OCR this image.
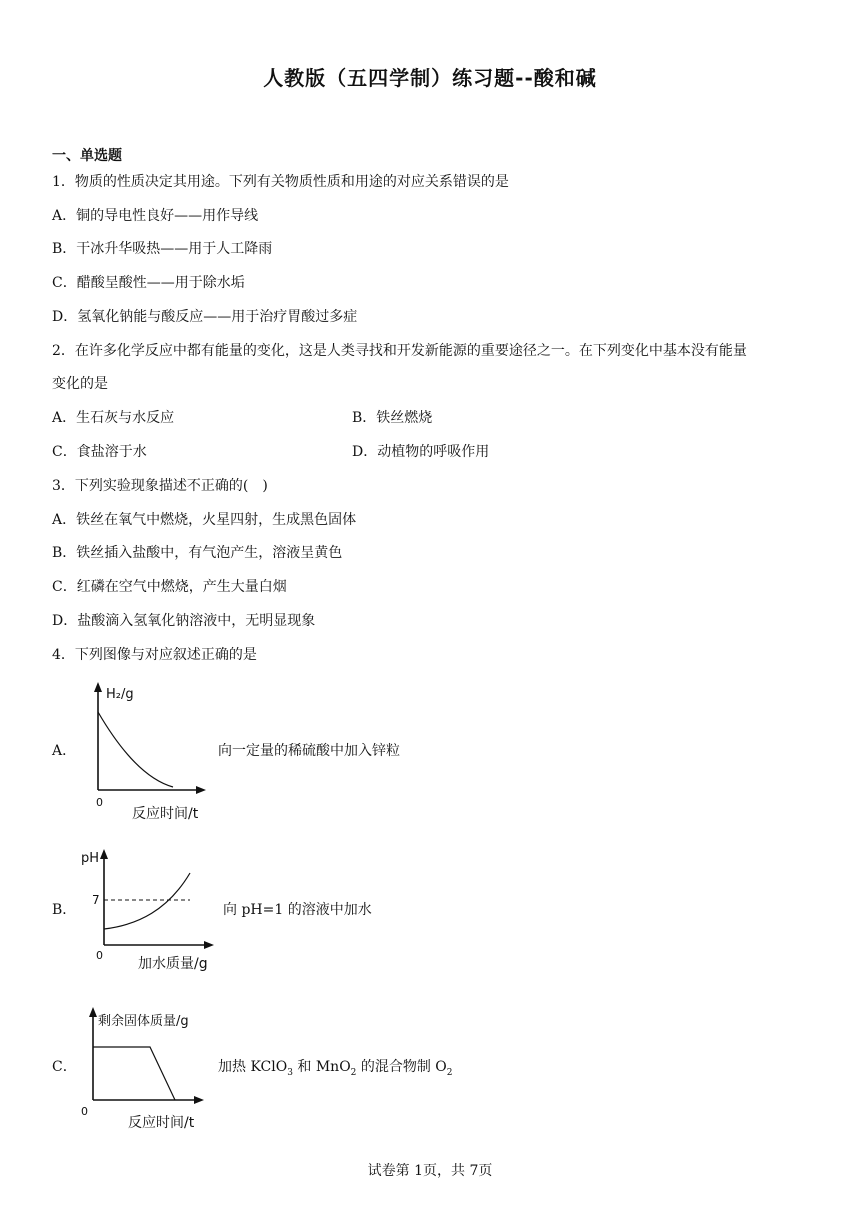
人教版（五四学制）练习题--酸和碱
一、单选题
1．物质的性质决定其用途。下列有关物质性质和用途的对应关系错误的是
A．铜的导电性良好——用作导线
B．干冰升华吸热——用于人工降雨
C．醋酸呈酸性——用于除水垢
D．氢氧化钠能与酸反应——用于治疗胃酸过多症
2．在许多化学反应中都有能量的变化，这是人类寻找和开发新能源的重要途径之一。在下列变化中基本没有能量
变化的是
A．生石灰与水反应	B．铁丝燃烧
C．食盐溶于水	D．动植物的呼吸作用
3．下列实验现象描述不正确的(　)
A．铁丝在氧气中燃烧，火星四射，生成黑色固体
B．铁丝插入盐酸中，有气泡产生，溶液呈黄色
C．红磷在空气中燃烧，产生大量白烟
D．盐酸滴入氢氧化钠溶液中，无明显现象
4．下列图像与对应叙述正确的是
A．
H₂/g
0
反应时间/t
向一定量的稀硫酸中加入锌粒
B．
pH
7
0
加水质量/g
向 pH=1 的溶液中加水
C．
剩余固体质量/g
0
反应时间/t
加热 KClO$_3$ 和 MnO$_2$ 的混合物制 $O_2$
试卷第 1页，共 7页
